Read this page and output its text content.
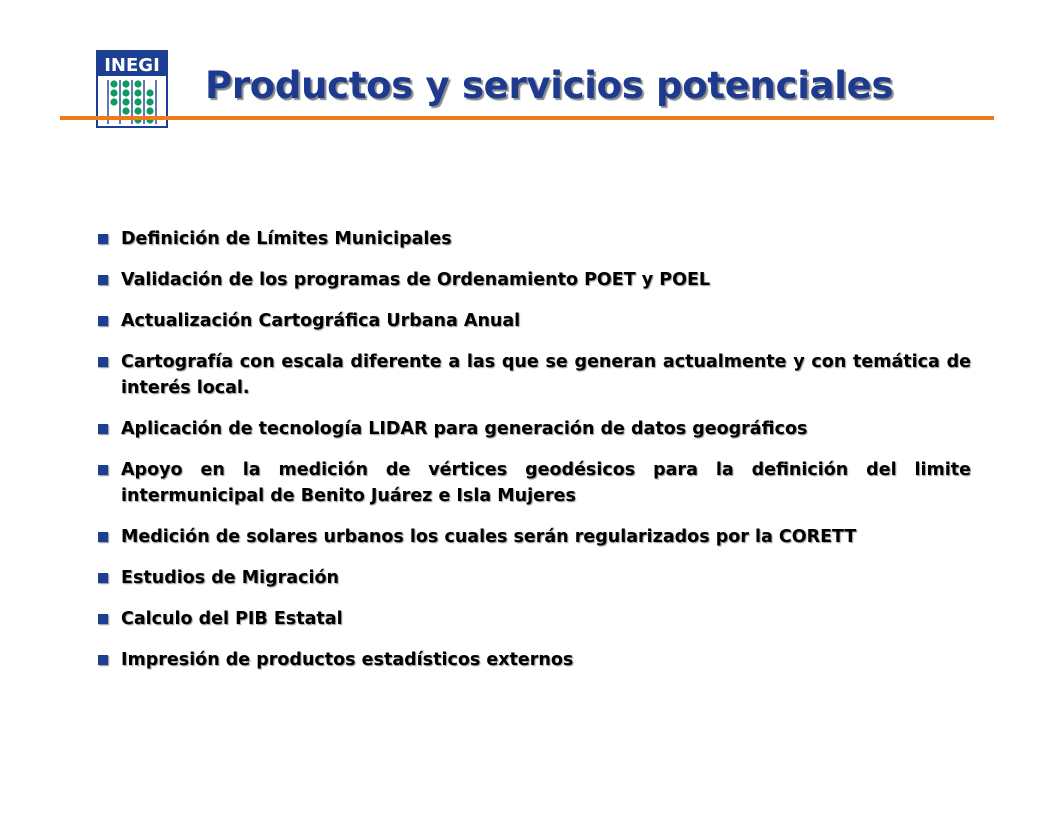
INEGI Productos y servicios potenciales
Definición de Límites Municipales
Validación de los programas de Ordenamiento POET y POEL
Actualización Cartográfica Urbana Anual
Cartografía con escala diferente a las que se generan actualmente y con temática de interés local.
Aplicación de tecnología LIDAR para generación de datos geográficos
Apoyo en la medición de vértices geodésicos para la definición del limite intermunicipal de Benito Juárez e Isla Mujeres
Medición de solares urbanos los cuales serán regularizados por la CORETT
Estudios de Migración
Calculo del PIB Estatal
Impresión de productos estadísticos externos
